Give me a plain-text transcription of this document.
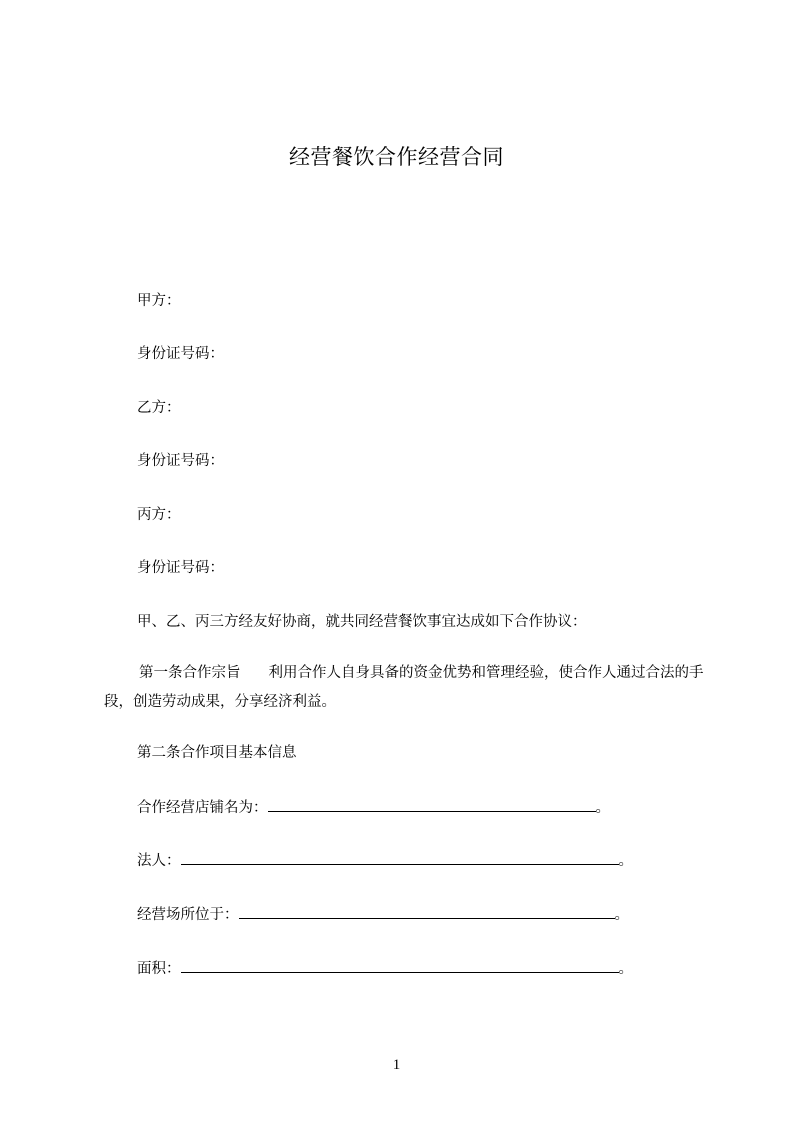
经营餐饮合作经营合同
甲方：
身份证号码：
乙方：
身份证号码：
丙方：
身份证号码：
甲、乙、丙三方经友好协商，就共同经营餐饮事宜达成如下合作协议：
第一条合作宗旨 利用合作人自身具备的资金优势和管理经验，使合作人通过合法的手段，创造劳动成果，分享经济利益。
第二条合作项目基本信息
合作经营店铺名为：	。
法人：	。
经营场所位于：	。
面积：	。
1
